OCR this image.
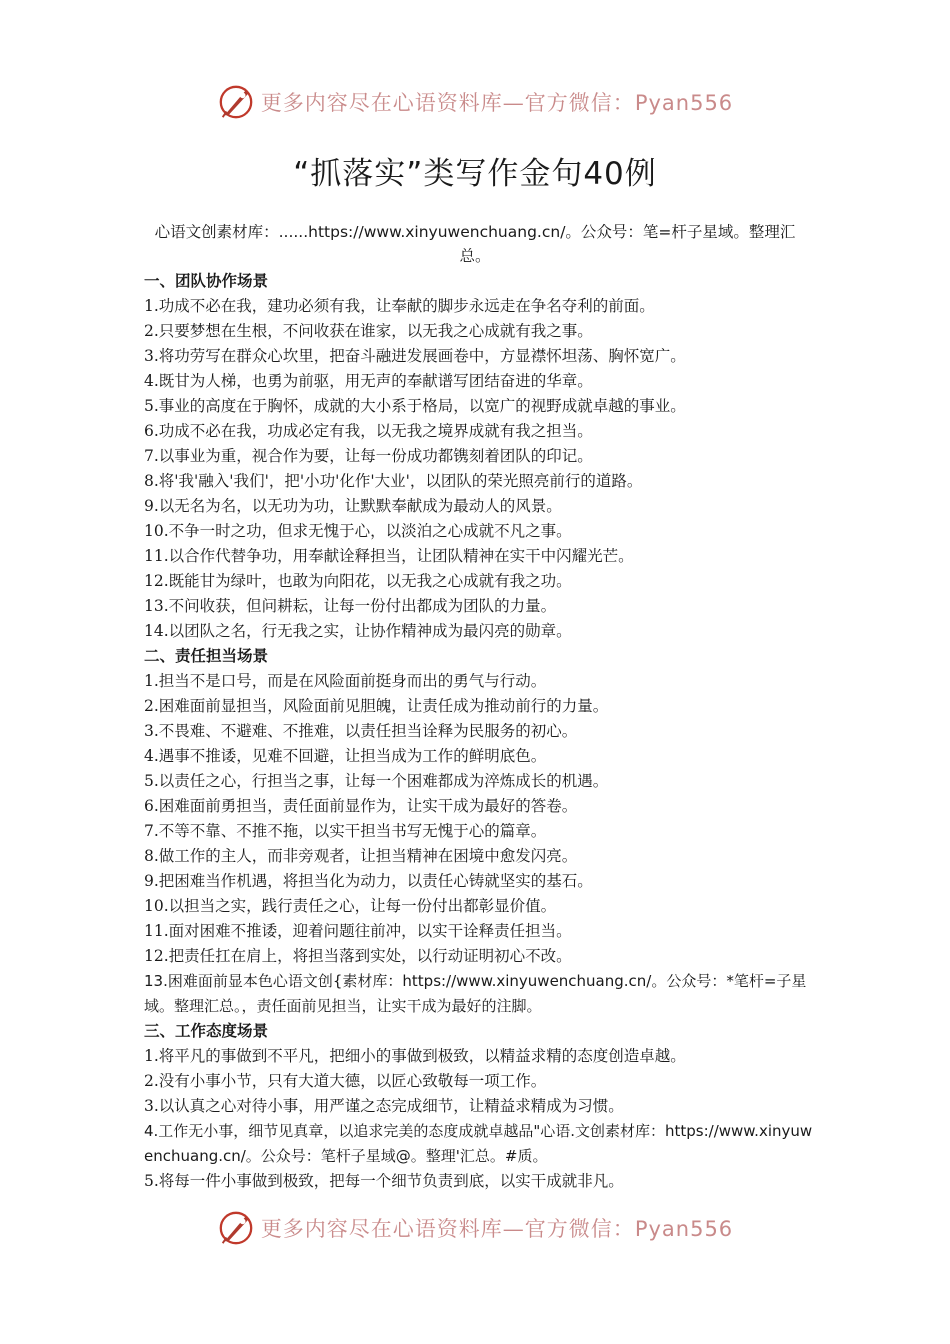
更多内容尽在心语资料库—官方微信：Pyan556
“抓落实”类写作金句40例
心语文创素材库：......https://www.xinyuwenchuang.cn/。公众号：笔=杆子星域。整理汇总。
一、团队协作场景
1.功成不必在我，建功必须有我，让奉献的脚步永远走在争名夺利的前面。
2.只要梦想在生根，不问收获在谁家，以无我之心成就有我之事。
3.将功劳写在群众心坎里，把奋斗融进发展画卷中，方显襟怀坦荡、胸怀宽广。
4.既甘为人梯，也勇为前驱，用无声的奉献谱写团结奋进的华章。
5.事业的高度在于胸怀，成就的大小系于格局，以宽广的视野成就卓越的事业。
6.功成不必在我，功成必定有我，以无我之境界成就有我之担当。
7.以事业为重，视合作为要，让每一份成功都镌刻着团队的印记。
8.将'我'融入'我们'，把'小功'化作'大业'，以团队的荣光照亮前行的道路。
9.以无名为名，以无功为功，让默默奉献成为最动人的风景。
10.不争一时之功，但求无愧于心，以淡泊之心成就不凡之事。
11.以合作代替争功，用奉献诠释担当，让团队精神在实干中闪耀光芒。
12.既能甘为绿叶，也敢为向阳花，以无我之心成就有我之功。
13.不问收获，但问耕耘，让每一份付出都成为团队的力量。
14.以团队之名，行无我之实，让协作精神成为最闪亮的勋章。
二、责任担当场景
1.担当不是口号，而是在风险面前挺身而出的勇气与行动。
2.困难面前显担当，风险面前见胆魄，让责任成为推动前行的力量。
3.不畏难、不避难、不推难，以责任担当诠释为民服务的初心。
4.遇事不推诿，见难不回避，让担当成为工作的鲜明底色。
5.以责任之心，行担当之事，让每一个困难都成为淬炼成长的机遇。
6.困难面前勇担当，责任面前显作为，让实干成为最好的答卷。
7.不等不靠、不推不拖，以实干担当书写无愧于心的篇章。
8.做工作的主人，而非旁观者，让担当精神在困境中愈发闪亮。
9.把困难当作机遇，将担当化为动力，以责任心铸就坚实的基石。
10.以担当之实，践行责任之心，让每一份付出都彰显价值。
11.面对困难不推诿，迎着问题往前冲，以实干诠释责任担当。
12.把责任扛在肩上，将担当落到实处，以行动证明初心不改。
13.困难面前显本色心语文创{素材库：https://www.xinyuwenchuang.cn/。公众号：*笔杆=子星域。整理汇总。，责任面前见担当，让实干成为最好的注脚。
三、工作态度场景
1.将平凡的事做到不平凡，把细小的事做到极致，以精益求精的态度创造卓越。
2.没有小事小节，只有大道大德，以匠心致敬每一项工作。
3.以认真之心对待小事，用严谨之态完成细节，让精益求精成为习惯。
4.工作无小事，细节见真章，以追求完美的态度成就卓越品"心语.文创素材库：https://www.xinyuwenchuang.cn/。公众号：笔杆子星域@。整理'汇总。#质。
5.将每一件小事做到极致，把每一个细节负责到底，以实干成就非凡。
更多内容尽在心语资料库—官方微信：Pyan556
